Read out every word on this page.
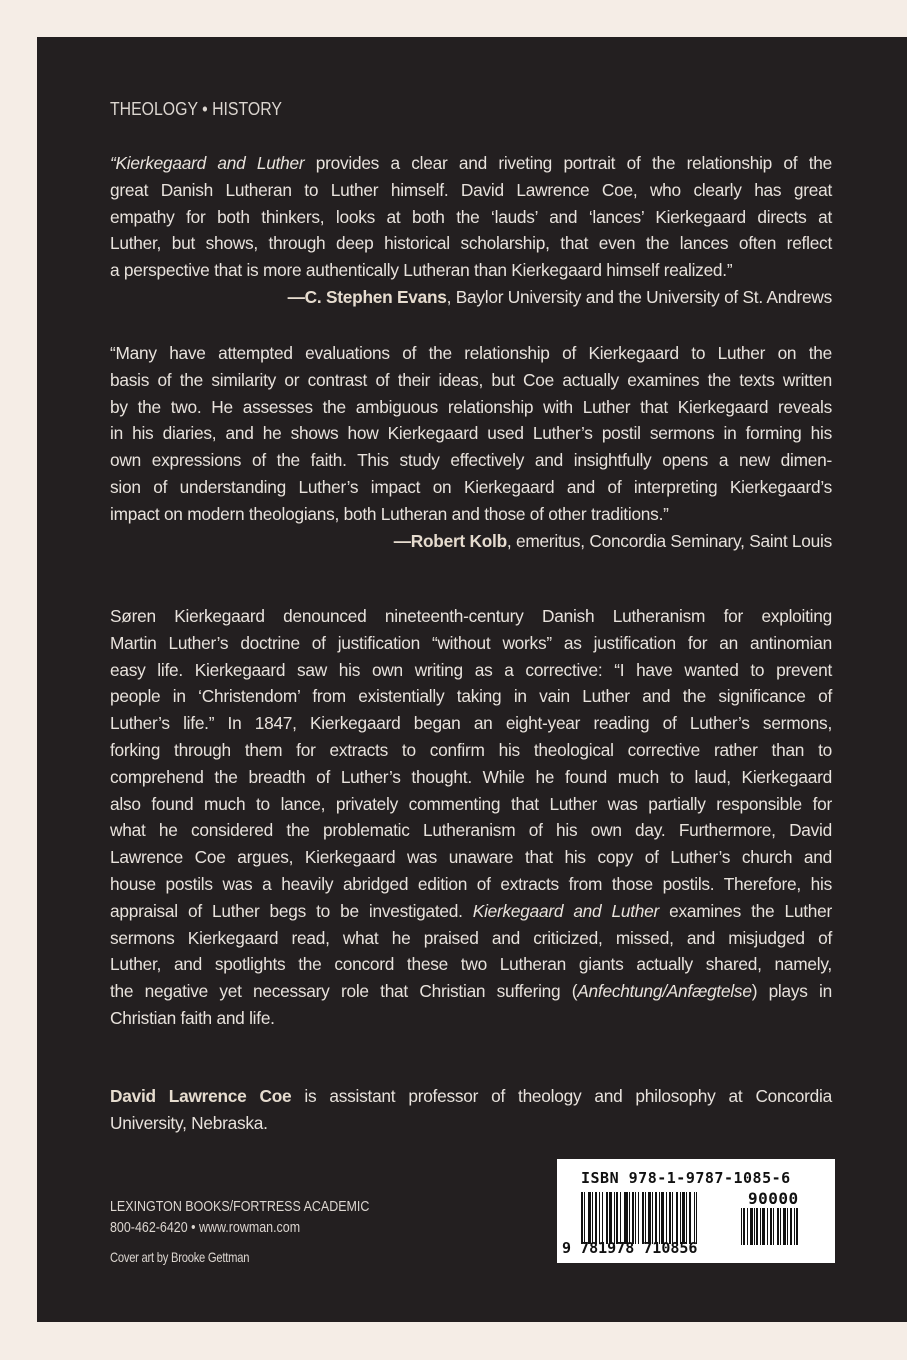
THEOLOGY • HISTORY
“Kierkegaard and Luther provides a clear and riveting portrait of the relationship of the
great Danish Lutheran to Luther himself. David Lawrence Coe, who clearly has great
empathy for both thinkers, looks at both the ‘lauds’ and ‘lances’ Kierkegaard directs at
Luther, but shows, through deep historical scholarship, that even the lances often reflect
a perspective that is more authentically Lutheran than Kierkegaard himself realized.”
—C. Stephen Evans, Baylor University and the University of St. Andrews
“Many have attempted evaluations of the relationship of Kierkegaard to Luther on the
basis of the similarity or contrast of their ideas, but Coe actually examines the texts written
by the two. He assesses the ambiguous relationship with Luther that Kierkegaard reveals
in his diaries, and he shows how Kierkegaard used Luther’s postil sermons in forming his
own expressions of the faith. This study effectively and insightfully opens a new dimen-
sion of understanding Luther’s impact on Kierkegaard and of interpreting Kierkegaard’s
impact on modern theologians, both Lutheran and those of other traditions.”
—Robert Kolb, emeritus, Concordia Seminary, Saint Louis
Søren Kierkegaard denounced nineteenth-century Danish Lutheranism for exploiting
Martin Luther’s doctrine of justification “without works” as justification for an antinomian
easy life. Kierkegaard saw his own writing as a corrective: “I have wanted to prevent
people in ‘Christendom’ from existentially taking in vain Luther and the significance of
Luther’s life.” In 1847, Kierkegaard began an eight-year reading of Luther’s sermons,
forking through them for extracts to confirm his theological corrective rather than to
comprehend the breadth of Luther’s thought. While he found much to laud, Kierkegaard
also found much to lance, privately commenting that Luther was partially responsible for
what he considered the problematic Lutheranism of his own day. Furthermore, David
Lawrence Coe argues, Kierkegaard was unaware that his copy of Luther’s church and
house postils was a heavily abridged edition of extracts from those postils. Therefore, his
appraisal of Luther begs to be investigated. Kierkegaard and Luther examines the Luther
sermons Kierkegaard read, what he praised and criticized, missed, and misjudged of
Luther, and spotlights the concord these two Lutheran giants actually shared, namely,
the negative yet necessary role that Christian suffering (Anfechtung/Anfægtelse) plays in
Christian faith and life.
David Lawrence Coe is assistant professor of theology and philosophy at Concordia
University, Nebraska.
LEXINGTON BOOKS/FORTRESS ACADEMIC
800-462-6420 • www.rowman.com
Cover art by Brooke Gettman
ISBN 978-1-9787-1085-6
9 781978 710856
90000
